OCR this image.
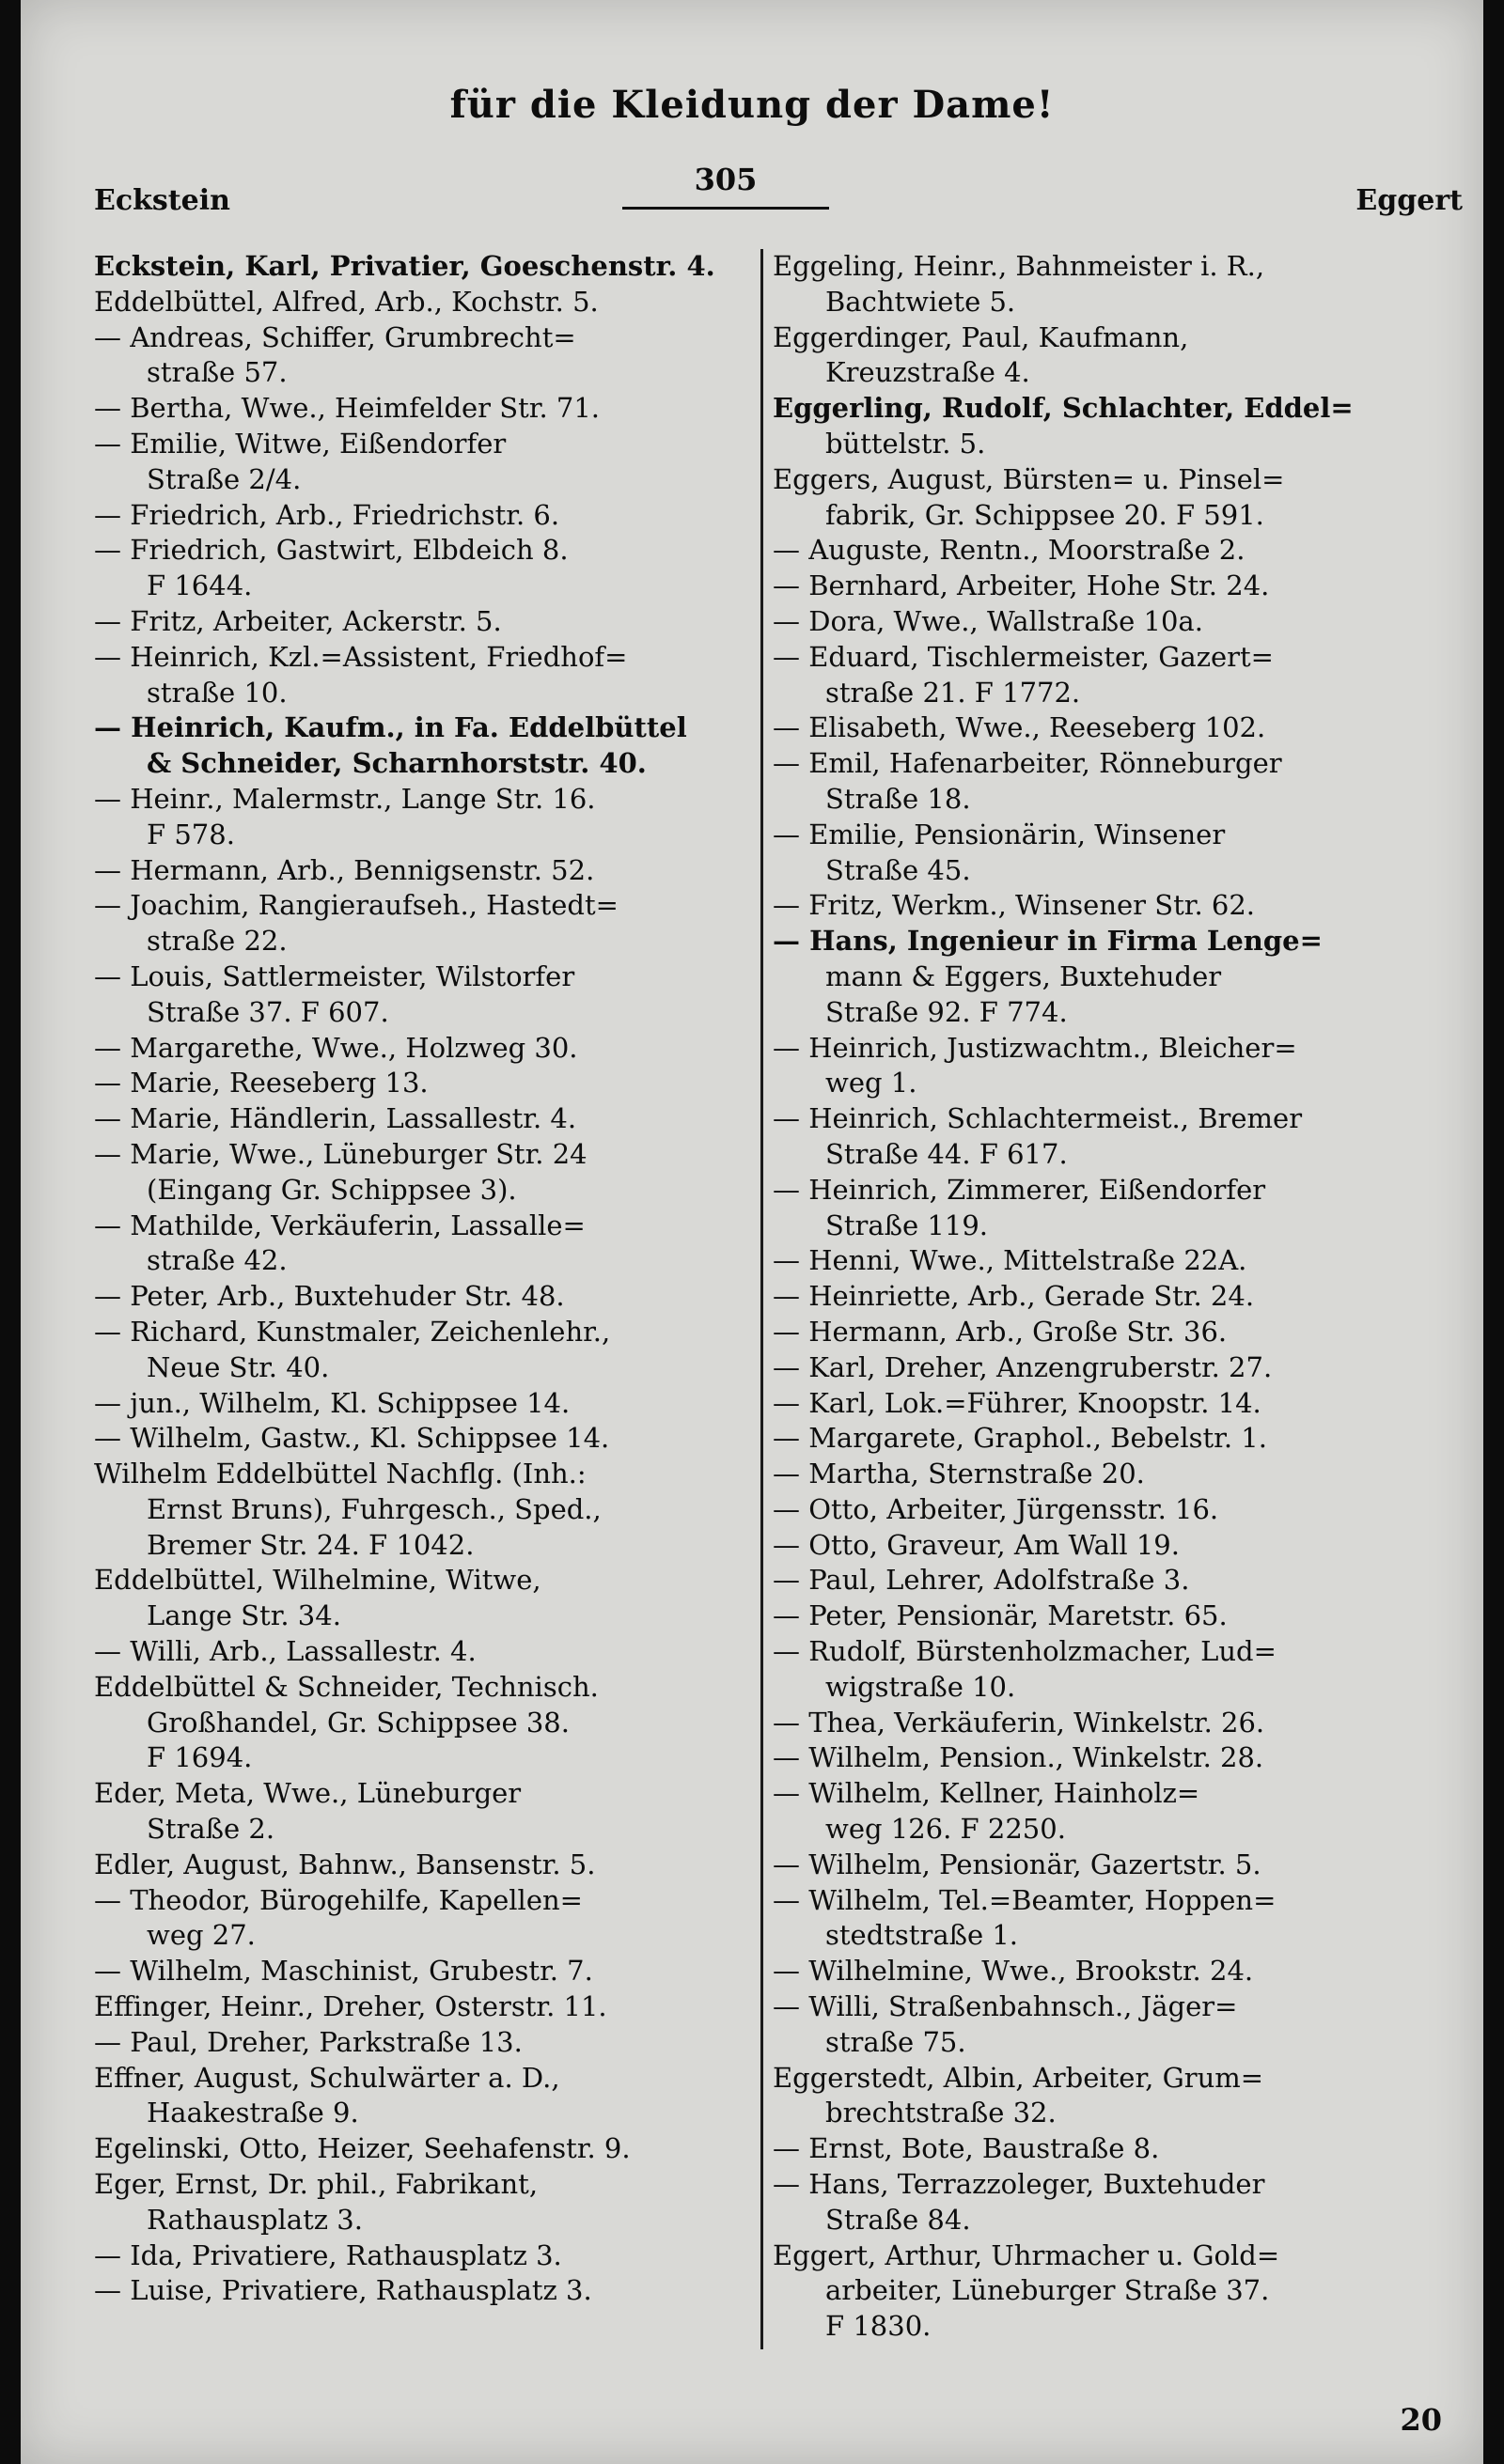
für die Kleidung der Dame!
Eckstein
305
Eggert
Eckstein, Karl, Privatier, Goeschenstr. 4.
Eddelbüttel, Alfred, Arb., Kochstr. 5.
— Andreas, Schiffer, Grumbrecht=
straße 57.
— Bertha, Wwe., Heimfelder Str. 71.
— Emilie, Witwe, Eißendorfer
Straße 2/4.
— Friedrich, Arb., Friedrichstr. 6.
— Friedrich, Gastwirt, Elbdeich 8.
F 1644.
— Fritz, Arbeiter, Ackerstr. 5.
— Heinrich, Kzl.=Assistent, Friedhof=
straße 10.
— Heinrich, Kaufm., in Fa. Eddelbüttel
& Schneider, Scharnhorststr. 40.
— Heinr., Malermstr., Lange Str. 16.
F 578.
— Hermann, Arb., Bennigsenstr. 52.
— Joachim, Rangieraufseh., Hastedt=
straße 22.
— Louis, Sattlermeister, Wilstorfer
Straße 37. F 607.
— Margarethe, Wwe., Holzweg 30.
— Marie, Reeseberg 13.
— Marie, Händlerin, Lassallestr. 4.
— Marie, Wwe., Lüneburger Str. 24
(Eingang Gr. Schippsee 3).
— Mathilde, Verkäuferin, Lassalle=
straße 42.
— Peter, Arb., Buxtehuder Str. 48.
— Richard, Kunstmaler, Zeichenlehr.,
Neue Str. 40.
— jun., Wilhelm, Kl. Schippsee 14.
— Wilhelm, Gastw., Kl. Schippsee 14.
Wilhelm Eddelbüttel Nachflg. (Inh.:
Ernst Bruns), Fuhrgesch., Sped.,
Bremer Str. 24. F 1042.
Eddelbüttel, Wilhelmine, Witwe,
Lange Str. 34.
— Willi, Arb., Lassallestr. 4.
Eddelbüttel & Schneider, Technisch.
Großhandel, Gr. Schippsee 38.
F 1694.
Eder, Meta, Wwe., Lüneburger
Straße 2.
Edler, August, Bahnw., Bansenstr. 5.
— Theodor, Bürogehilfe, Kapellen=
weg 27.
— Wilhelm, Maschinist, Grubestr. 7.
Effinger, Heinr., Dreher, Osterstr. 11.
— Paul, Dreher, Parkstraße 13.
Effner, August, Schulwärter a. D.,
Haakestraße 9.
Egelinski, Otto, Heizer, Seehafenstr. 9.
Eger, Ernst, Dr. phil., Fabrikant,
Rathausplatz 3.
— Ida, Privatiere, Rathausplatz 3.
— Luise, Privatiere, Rathausplatz 3.
Eggeling, Heinr., Bahnmeister i. R.,
Bachtwiete 5.
Eggerdinger, Paul, Kaufmann,
Kreuzstraße 4.
Eggerling, Rudolf, Schlachter, Eddel=
büttelstr. 5.
Eggers, August, Bürsten= u. Pinsel=
fabrik, Gr. Schippsee 20. F 591.
— Auguste, Rentn., Moorstraße 2.
— Bernhard, Arbeiter, Hohe Str. 24.
— Dora, Wwe., Wallstraße 10a.
— Eduard, Tischlermeister, Gazert=
straße 21. F 1772.
— Elisabeth, Wwe., Reeseberg 102.
— Emil, Hafenarbeiter, Rönneburger
Straße 18.
— Emilie, Pensionärin, Winsener
Straße 45.
— Fritz, Werkm., Winsener Str. 62.
— Hans, Ingenieur in Firma Lenge=
mann & Eggers, Buxtehuder
Straße 92. F 774.
— Heinrich, Justizwachtm., Bleicher=
weg 1.
— Heinrich, Schlachtermeist., Bremer
Straße 44. F 617.
— Heinrich, Zimmerer, Eißendorfer
Straße 119.
— Henni, Wwe., Mittelstraße 22A.
— Heinriette, Arb., Gerade Str. 24.
— Hermann, Arb., Große Str. 36.
— Karl, Dreher, Anzengruberstr. 27.
— Karl, Lok.=Führer, Knoopstr. 14.
— Margarete, Graphol., Bebelstr. 1.
— Martha, Sternstraße 20.
— Otto, Arbeiter, Jürgensstr. 16.
— Otto, Graveur, Am Wall 19.
— Paul, Lehrer, Adolfstraße 3.
— Peter, Pensionär, Maretstr. 65.
— Rudolf, Bürstenholzmacher, Lud=
wigstraße 10.
— Thea, Verkäuferin, Winkelstr. 26.
— Wilhelm, Pension., Winkelstr. 28.
— Wilhelm, Kellner, Hainholz=
weg 126. F 2250.
— Wilhelm, Pensionär, Gazertstr. 5.
— Wilhelm, Tel.=Beamter, Hoppen=
stedtstraße 1.
— Wilhelmine, Wwe., Brookstr. 24.
— Willi, Straßenbahnsch., Jäger=
straße 75.
Eggerstedt, Albin, Arbeiter, Grum=
brechtstraße 32.
— Ernst, Bote, Baustraße 8.
— Hans, Terrazzoleger, Buxtehuder
Straße 84.
Eggert, Arthur, Uhrmacher u. Gold=
arbeiter, Lüneburger Straße 37.
F 1830.
20
